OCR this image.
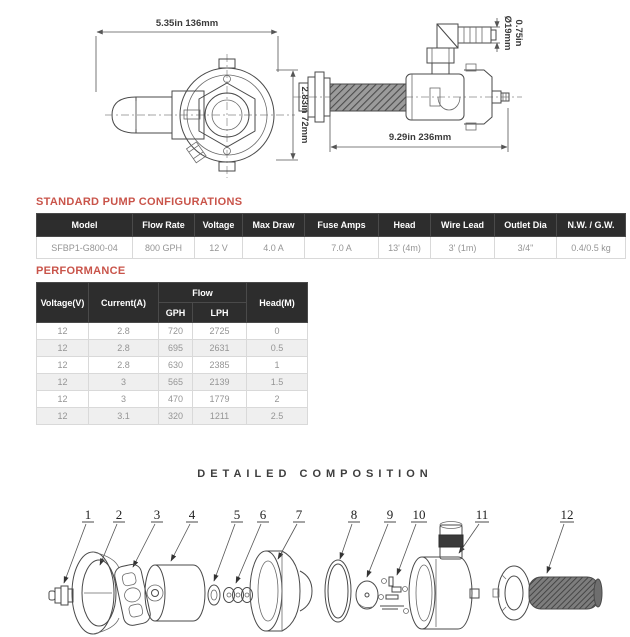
5.35in 136mm
2.83in 72mm
Ø19mm 0.75in
9.29in 236mm
STANDARD PUMP CONFIGURATIONS
Model	Flow Rate	Voltage	Max Draw	Fuse Amps	Head	Wire Lead	Outlet Dia	N.W. / G.W.
SFBP1-G800-04	800 GPH	12 V	4.0 A	7.0 A	13' (4m)	3' (1m)	3/4"	0.4/0.5 kg
PERFORMANCE
Voltage(V)	Current(A)	Flow		Head(M)
		GPH	LPH	
12	2.8	720	2725	0
12	2.8	695	2631	0.5
12	2.8	630	2385	1
12	3	565	2139	1.5
12	3	470	1779	2
12	3.1	320	1211	2.5
DETAILED COMPOSITION
1 2 3 4	5 6 7	8 9 10	11	12
